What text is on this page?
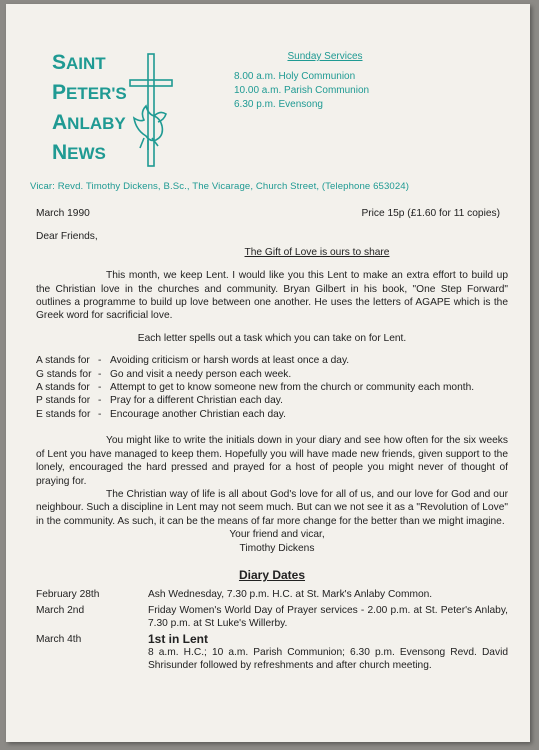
SAINT
PETER'S
ANLABY
NEWS
Sunday Services
8.00 a.m. Holy Communion
10.00 a.m. Parish Communion
6.30 p.m. Evensong
Vicar: Revd. Timothy Dickens, B.Sc., The Vicarage, Church Street, (Telephone 653024)
March 1990	Price 15p (£1.60 for 11 copies)

Dear Friends,

The Gift of Love is ours to share

This month, we keep Lent. I would like you this Lent to make an extra effort to build up the Christian love in the churches and community. Bryan Gilbert in his book, "One Step Forward" outlines a programme to build up love between one another. He uses the letters of AGAPE which is the Greek word for sacrificial love.

Each letter spells out a task which you can take on for Lent.

A stands for - Avoiding criticism or harsh words at least once a day.
G stands for - Go and visit a needy person each week.
A stands for - Attempt to get to know someone new from the church or community each month.
P stands for - Pray for a different Christian each day.
E stands for - Encourage another Christian each day.

You might like to write the initials down in your diary and see how often for the six weeks of Lent you have managed to keep them. Hopefully you will have made new friends, given support to the lonely, encouraged the hard pressed and prayed for a host of people you might never of thought of praying for.

The Christian way of life is all about God's love for all of us, and our love for God and our neighbour. Such a discipline in Lent may not seem much. But can we not see it as a "Revolution of Love" in the community. As such, it can be the means of far more change for the better than we might imagine.

Your friend and vicar,

Timothy Dickens

Diary Dates
February 28th	Ash Wednesday, 7.30 p.m. H.C. at St. Mark's Anlaby Common.
March 2nd	Friday Women's World Day of Prayer services - 2.00 p.m. at St. Peter's Anlaby, 7.30 p.m. at St Luke's Willerby.
March 4th	1st in Lent
8 a.m. H.C.; 10 a.m. Parish Communion; 6.30 p.m. Evensong Revd. David Shrisunder followed by refreshments and after church meeting.
